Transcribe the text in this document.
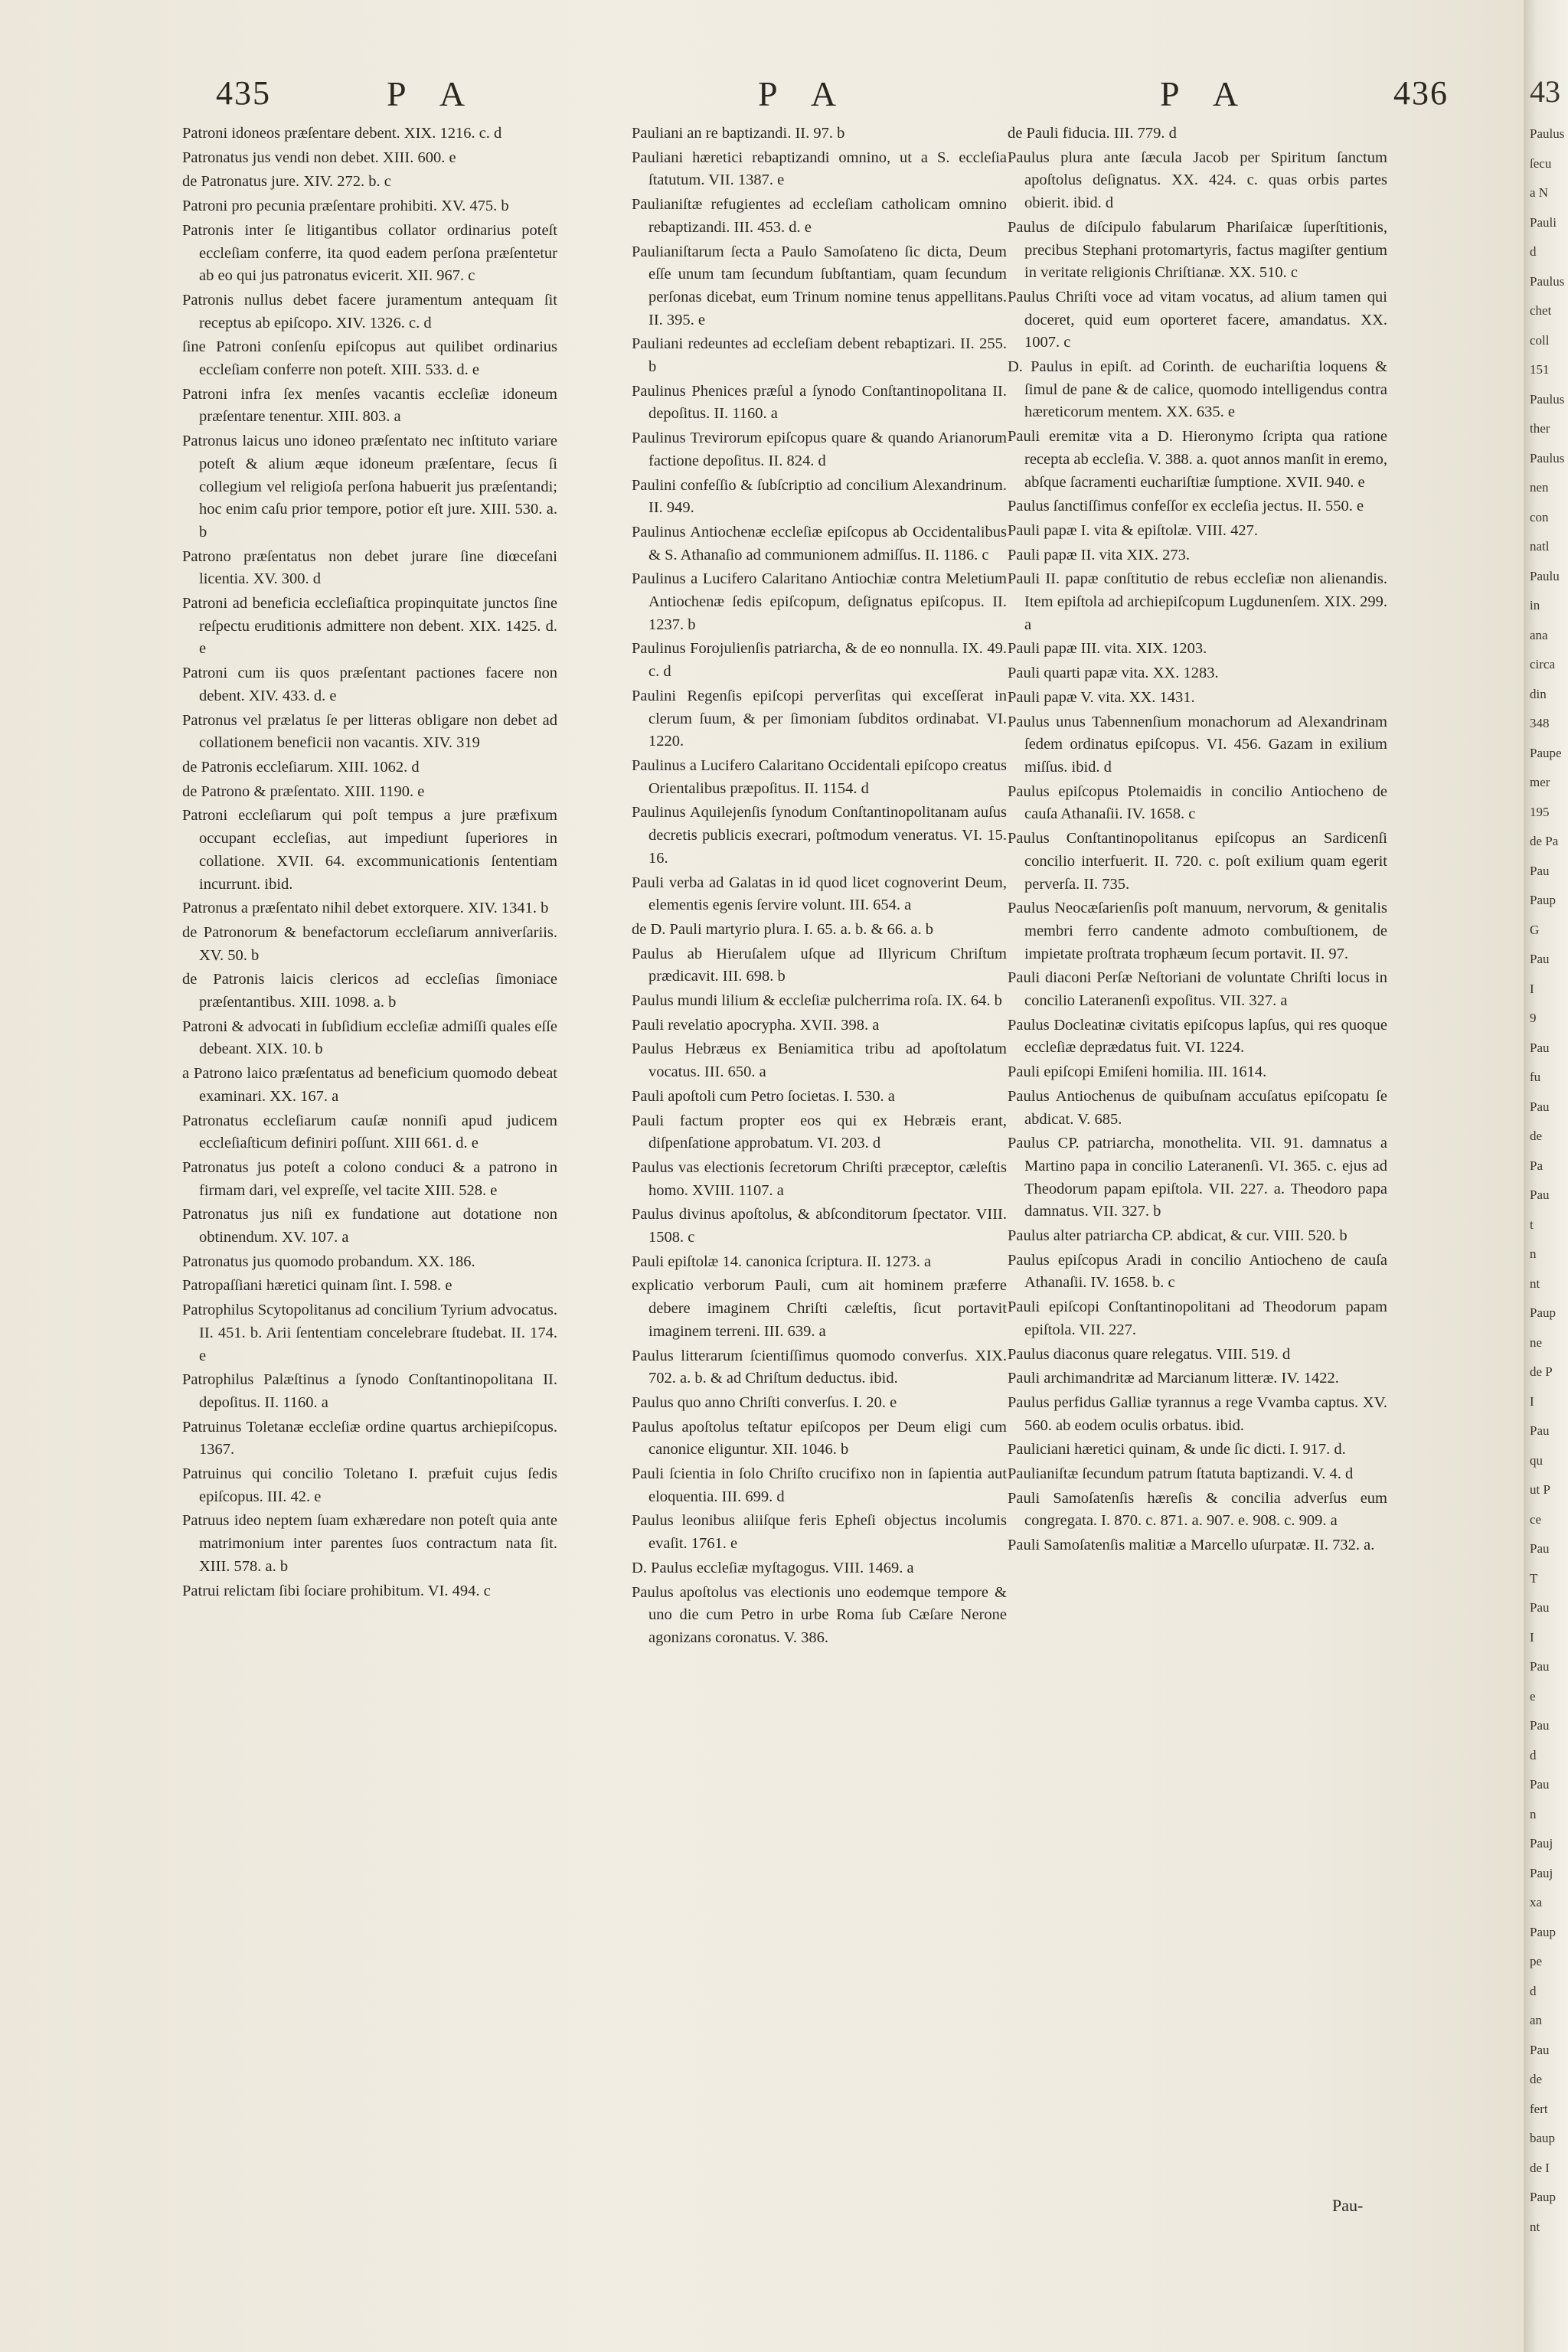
435	P A	P A	P A	436

Patroni idoneos præſentare debent. XIX. 1216. c. d

Patronatus jus vendi non debet. XIII. 600. e

de Patronatus jure. XIV. 272. b. c

Patroni pro pecunia præſentare prohibiti. XV. 475. b

Patronis inter ſe litigantibus collator ordinarius poteſt eccleſiam conferre, ita quod eadem perſona præſentetur ab eo qui jus patronatus evicerit. XII. 967. c

Patronis nullus debet facere juramentum antequam ſit receptus ab epiſcopo. XIV. 1326. c. d

ſine Patroni conſenſu epiſcopus aut quilibet ordinarius eccleſiam conferre non poteſt. XIII. 533. d. e

Patroni infra ſex menſes vacantis eccleſiæ idoneum præſentare tenentur. XIII. 803. a

Patronus laicus uno idoneo præſentato nec inſtituto variare poteſt & alium æque idoneum præſentare, ſecus ſi collegium vel religioſa perſona habuerit jus præſentandi; hoc enim caſu prior tempore, potior eſt jure. XIII. 530. a. b

Patrono præſentatus non debet jurare ſine diœceſani licentia. XV. 300. d

Patroni ad beneficia eccleſiaſtica propinquitate junctos ſine reſpectu eruditionis admittere non debent. XIX. 1425. d. e

Patroni cum iis quos præſentant pactiones facere non debent. XIV. 433. d. e

Patronus vel prælatus ſe per litteras obligare non debet ad collationem beneficii non vacantis. XIV. 319

de Patronis eccleſiarum. XIII. 1062. d

de Patrono & præſentato. XIII. 1190. e

Patroni eccleſiarum qui poſt tempus a jure præfixum occupant eccleſias, aut impediunt ſuperiores in collatione. XVII. 64. excommunicationis ſententiam incurrunt. ibid.

Patronus a præſentato nihil debet extorquere. XIV. 1341. b

de Patronorum & benefactorum eccleſiarum anniverſariis. XV. 50. b

de Patronis laicis clericos ad eccleſias ſimoniace præſentantibus. XIII. 1098. a. b

Patroni & advocati in ſubſidium eccleſiæ admiſſi quales eſſe debeant. XIX. 10. b

a Patrono laico præſentatus ad beneficium quomodo debeat examinari. XX. 167. a

Patronatus eccleſiarum cauſæ nonniſi apud judicem eccleſiaſticum definiri poſſunt. XIII 661. d. e

Patronatus jus poteſt a colono conduci & a patrono in firmam dari, vel expreſſe, vel tacite XIII. 528. e

Patronatus jus niſi ex fundatione aut dotatione non obtinendum. XV. 107. a

Patronatus jus quomodo probandum. XX. 186.

Patropaſſiani hæretici quinam ſint. I. 598. e

Patrophilus Scytopolitanus ad concilium Tyrium advocatus. II. 451. b. Arii ſententiam concelebrare ſtudebat. II. 174. e

Patrophilus Palæſtinus a ſynodo Conſtantinopolitana II. depoſitus. II. 1160. a

Patruinus Toletanæ eccleſiæ ordine quartus archiepiſcopus. 1367.

Patruinus qui concilio Toletano I. præfuit cujus ſedis epiſcopus. III. 42. e

Patruus ideo neptem ſuam exhæredare non poteſt quia ante matrimonium inter parentes ſuos contractum nata ſit. XIII. 578. a. b

Patrui relictam ſibi ſociare prohibitum. VI. 494. c

Pauliani an re baptizandi. II. 97. b

Pauliani hæretici rebaptizandi omnino, ut a S. eccleſia ſtatutum. VII. 1387. e

Paulianiſtæ refugientes ad eccleſiam catholicam omnino rebaptizandi. III. 453. d. e

Paulianiſtarum ſecta a Paulo Samoſateno ſic dicta, Deum eſſe unum tam ſecundum ſubſtantiam, quam ſecundum perſonas dicebat, eum Trinum nomine tenus appellitans. II. 395. e

Pauliani redeuntes ad eccleſiam debent rebaptizari. II. 255. b

Paulinus Phenices præſul a ſynodo Conſtantinopolitana II. depoſitus. II. 1160. a

Paulinus Trevirorum epiſcopus quare & quando Arianorum factione depoſitus. II. 824. d

Paulini confeſſio & ſubſcriptio ad concilium Alexandrinum. II. 949.

Paulinus Antiochenæ eccleſiæ epiſcopus ab Occidentalibus & S. Athanaſio ad communionem admiſſus. II. 1186. c

Paulinus a Lucifero Calaritano Antiochiæ contra Meletium Antiochenæ ſedis epiſcopum, deſignatus epiſcopus. II. 1237. b

Paulinus Forojulienſis patriarcha, & de eo nonnulla. IX. 49. c. d

Paulini Regenſis epiſcopi perverſitas qui exceſſerat in clerum ſuum, & per ſimoniam ſubditos ordinabat. VI. 1220.

Paulinus a Lucifero Calaritano Occidentali epiſcopo creatus Orientalibus præpoſitus. II. 1154. d

Paulinus Aquilejenſis ſynodum Conſtantinopolitanam auſus decretis publicis execrari, poſtmodum veneratus. VI. 15. 16.

Pauli verba ad Galatas in id quod licet cognoverint Deum, elementis egenis ſervire volunt. III. 654. a

de D. Pauli martyrio plura. I. 65. a. b. & 66. a. b

Paulus ab Hieruſalem uſque ad Illyricum Chriſtum prædicavit. III. 698. b

Paulus mundi lilium & eccleſiæ pulcherrima roſa. IX. 64. b

Pauli revelatio apocrypha. XVII. 398. a

Paulus Hebræus ex Beniamitica tribu ad apoſtolatum vocatus. III. 650. a

Pauli apoſtoli cum Petro ſocietas. I. 530. a

Pauli factum propter eos qui ex Hebræis erant, diſpenſatione approbatum. VI. 203. d

Paulus vas electionis ſecretorum Chriſti præceptor, cæleſtis homo. XVIII. 1107. a

Paulus divinus apoſtolus, & abſconditorum ſpectator. VIII. 1508. c

Pauli epiſtolæ 14. canonica ſcriptura. II. 1273. a

explicatio verborum Pauli, cum ait hominem præferre debere imaginem Chriſti cæleſtis, ſicut portavit imaginem terreni. III. 639. a

Paulus litterarum ſcientiſſimus quomodo converſus. XIX. 702. a. b. & ad Chriſtum deductus. ibid.

Paulus quo anno Chriſti converſus. I. 20. e

Paulus apoſtolus teſtatur epiſcopos per Deum eligi cum canonice eliguntur. XII. 1046. b

Pauli ſcientia in ſolo Chriſto crucifixo non in ſapientia aut eloquentia. III. 699. d

Paulus leonibus aliiſque feris Epheſi objectus incolumis evaſit. 1761. e

D. Paulus eccleſiæ myſtagogus. VIII. 1469. a

Paulus apoſtolus vas electionis uno eodemque tempore & uno die cum Petro in urbe Roma ſub Cæſare Nerone agonizans coronatus. V. 386.

de Pauli fiducia. III. 779. d

Paulus plura ante ſæcula Jacob per Spiritum ſanctum apoſtolus deſignatus. XX. 424. c. quas orbis partes obierit. ibid. d

Paulus de diſcipulo fabularum Phariſaicæ ſuperſtitionis, precibus Stephani protomartyris, factus magiſter gentium in veritate religionis Chriſtianæ. XX. 510. c

Paulus Chriſti voce ad vitam vocatus, ad alium tamen qui doceret, quid eum oporteret facere, amandatus. XX. 1007. c

D. Paulus in epiſt. ad Corinth. de euchariſtia loquens & ſimul de pane & de calice, quomodo intelligendus contra hæreticorum mentem. XX. 635. e

Pauli eremitæ vita a D. Hieronymo ſcripta qua ratione recepta ab eccleſia. V. 388. a. quot annos manſit in eremo, abſque ſacramenti euchariſtiæ ſumptione. XVII. 940. e

Paulus ſanctiſſimus confeſſor ex eccleſia jectus. II. 550. e

Pauli papæ I. vita & epiſtolæ. VIII. 427.

Pauli papæ II. vita XIX. 273.

Pauli II. papæ conſtitutio de rebus eccleſiæ non alienandis. Item epiſtola ad archiepiſcopum Lugdunenſem. XIX. 299. a

Pauli papæ III. vita. XIX. 1203.

Pauli quarti papæ vita. XX. 1283.

Pauli papæ V. vita. XX. 1431.

Paulus unus Tabennenſium monachorum ad Alexandrinam ſedem ordinatus epiſcopus. VI. 456. Gazam in exilium miſſus. ibid. d

Paulus epiſcopus Ptolemaidis in concilio Antiocheno de cauſa Athanaſii. IV. 1658. c

Paulus Conſtantinopolitanus epiſcopus an Sardicenſi concilio interfuerit. II. 720. c. poſt exilium quam egerit perverſa. II. 735.

Paulus Neocæſarienſis poſt manuum, nervorum, & genitalis membri ferro candente admoto combuſtionem, de impietate proſtrata trophæum ſecum portavit. II. 97.

Pauli diaconi Perſæ Neſtoriani de voluntate Chriſti locus in concilio Lateranenſi expoſitus. VII. 327. a

Paulus Docleatinæ civitatis epiſcopus lapſus, qui res quoque eccleſiæ deprædatus fuit. VI. 1224.

Pauli epiſcopi Emiſeni homilia. III. 1614.

Paulus Antiochenus de quibuſnam accuſatus epiſcopatu ſe abdicat. V. 685.

Paulus CP. patriarcha, monothelita. VII. 91. damnatus a Martino papa in concilio Lateranenſi. VI. 365. c. ejus ad Theodorum papam epiſtola. VII. 227. a. Theodoro papa damnatus. VII. 327. b

Paulus alter patriarcha CP. abdicat, & cur. VIII. 520. b

Paulus epiſcopus Aradi in concilio Antiocheno de cauſa Athanaſii. IV. 1658. b. c

Pauli epiſcopi Conſtantinopolitani ad Theodorum papam epiſtola. VII. 227.

Paulus diaconus quare relegatus. VIII. 519. d

Pauli archimandritæ ad Marcianum litteræ. IV. 1422.

Paulus perfidus Galliæ tyrannus a rege Vvamba captus. XV. 560. ab eodem oculis orbatus. ibid.

Pauliciani hæretici quinam, & unde ſic dicti. I. 917. d.

Paulianiſtæ ſecundum patrum ſtatuta baptizandi. V. 4. d

Pauli Samoſatenſis hæreſis & concilia adverſus eum congregata. I. 870. c. 871. a. 907. e. 908. c. 909. a

Pauli Samoſatenſis malitiæ a Marcello uſurpatæ. II. 732. a.

Pau-
43
Paulus
ſecu
a N
Pauli
d
Paulus
chet
coll
151
Paulus
ther
Paulus
nen
con
natl
Paulu
in
ana
circa
din
348
Paupe
mer
195
de Pa
Pau
Paup
G
Pau
I
9
Pau
fu
Pau
de
Pa
Pau
t
n
nt
Paup
ne
de P
I
Pau
qu
ut P
ce
Pau
T
Pau
I
Pau
e
Pau
d
Pau
n
Pauj
Pauj
xa
Paup
pe
d
an
Pau
de
fert
baup
de I
Paup
nt
